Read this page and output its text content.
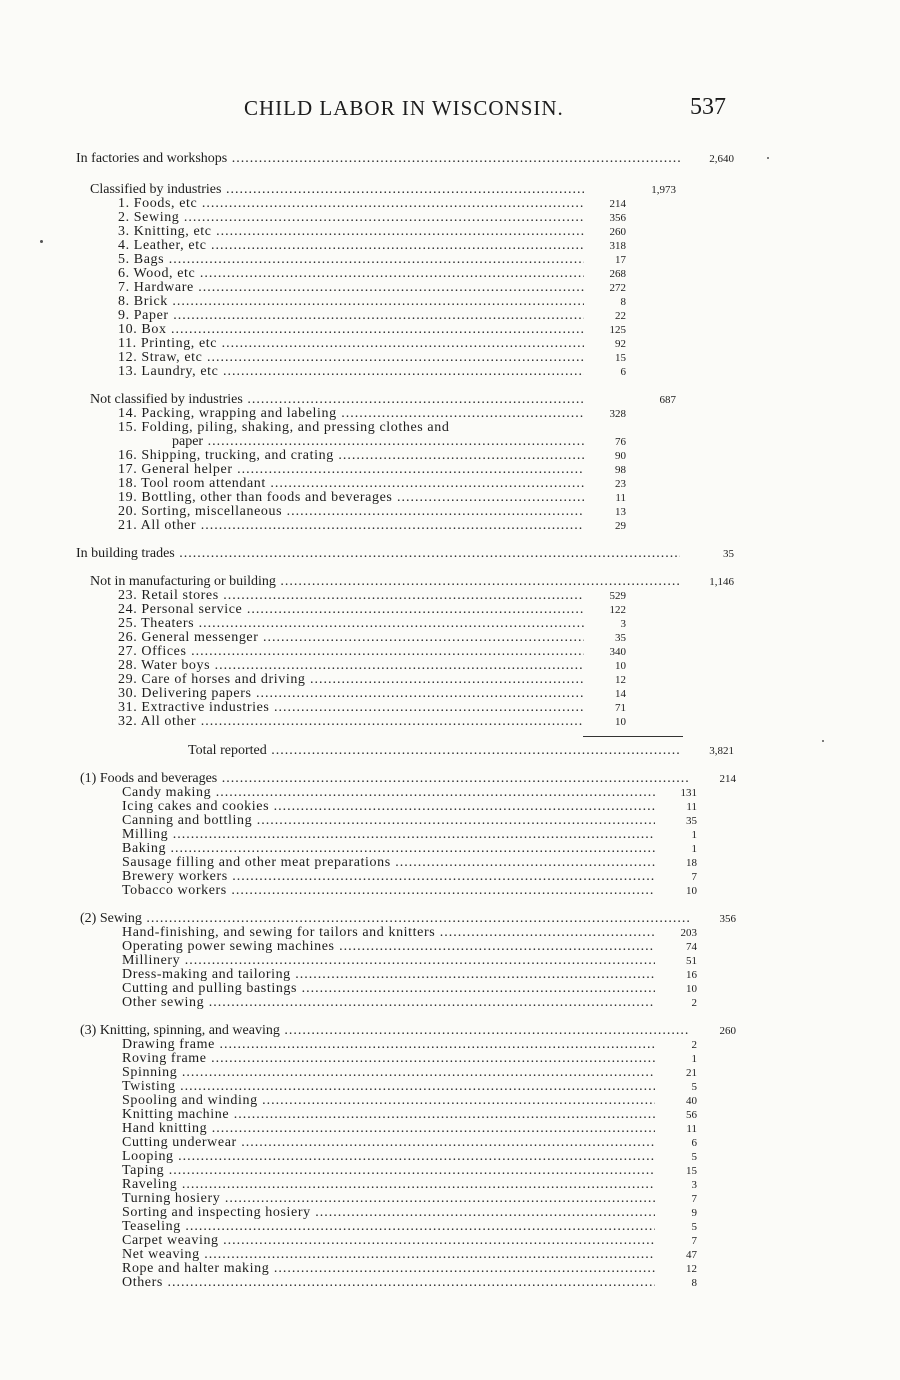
CHILD LABOR IN WISCONSIN.	537
In factories and workshops .....	2,640
Classified by industries .....	1,973
1. Foods, etc .....	214
2. Sewing .....	356
3. Knitting, etc .....	260
4. Leather, etc .....	318
5. Bags .....	17
6. Wood, etc .....	268
7. Hardware .....	272
8. Brick .....	8
9. Paper .....	22
10. Box .....	125
11. Printing, etc .....	92
12. Straw, etc .....	15
13. Laundry, etc .....	6
Not classified by industries .....	687
14. Packing, wrapping and labeling .....	328
15. Folding, piling, shaking, and pressing clothes and
paper .....	76
16. Shipping, trucking, and crating .....	90
17. General helper .....	98
18. Tool room attendant .....	23
19. Bottling, other than foods and beverages .....	11
20. Sorting, miscellaneous .....	13
21. All other .....	29
In building trades .....	35
Not in manufacturing or building .....	1,146
23. Retail stores .....	529
24. Personal service .....	122
25. Theaters .....	3
26. General messenger .....	35
27. Offices .....	340
28. Water boys .....	10
29. Care of horses and driving .....	12
30. Delivering papers .....	14
31. Extractive industries .....	71
32. All other .....	10
Total reported .....	3,821
(1) Foods and beverages .....	214
Candy making .....	131
Icing cakes and cookies .....	11
Canning and bottling .....	35
Milling .....	1
Baking .....	1
Sausage filling and other meat preparations .....	18
Brewery workers .....	7
Tobacco workers .....	10
(2) Sewing .....	356
Hand-finishing, and sewing for tailors and knitters .....	203
Operating power sewing machines .....	74
Millinery .....	51
Dress-making and tailoring .....	16
Cutting and pulling bastings .....	10
Other sewing .....	2
(3) Knitting, spinning, and weaving .....	260
Drawing frame .....	2
Roving frame .....	1
Spinning .....	21
Twisting .....	5
Spooling and winding .....	40
Knitting machine .....	56
Hand knitting .....	11
Cutting underwear .....	6
Looping .....	5
Taping .....	15
Raveling .....	3
Turning hosiery .....	7
Sorting and inspecting hosiery .....	9
Teaseling .....	5
Carpet weaving .....	7
Net weaving .....	47
Rope and halter making .....	12
Others .....	8
